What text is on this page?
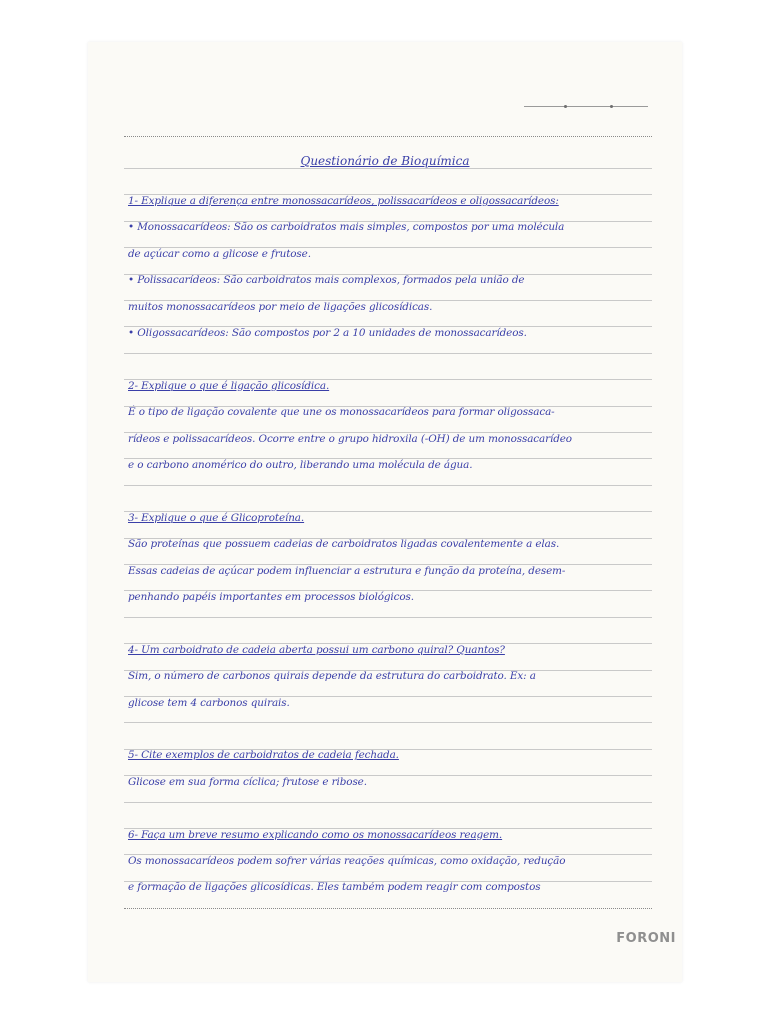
Questionário de Bioquímica
1- Explique a diferença entre monossacarídeos, polissacarídeos e oligossacarídeos:
• Monossacarídeos: São os carboidratos mais simples, compostos por uma molécula
de açúcar como a glicose e frutose.
• Polissacarídeos: São carboidratos mais complexos, formados pela união de
muitos monossacarídeos por meio de ligações glicosídicas.
• Oligossacarídeos: São compostos por 2 a 10 unidades de monossacarídeos.
2- Explique o que é ligação glicosídica.
É o tipo de ligação covalente que une os monossacarídeos para formar oligossaca-
rídeos e polissacarídeos. Ocorre entre o grupo hidroxila (-OH) de um monossacarídeo
e o carbono anomérico do outro, liberando uma molécula de água.
3- Explique o que é Glicoproteína.
São proteínas que possuem cadeias de carboidratos ligadas covalentemente a elas.
Essas cadeias de açúcar podem influenciar a estrutura e função da proteína, desem-
penhando papéis importantes em processos biológicos.
4- Um carboidrato de cadeia aberta possui um carbono quiral? Quantos?
Sim, o número de carbonos quirais depende da estrutura do carboidrato. Ex: a
glicose tem 4 carbonos quirais.
5- Cite exemplos de carboidratos de cadeia fechada.
Glicose em sua forma cíclica; frutose e ribose.
6- Faça um breve resumo explicando como os monossacarídeos reagem.
Os monossacarídeos podem sofrer várias reações químicas, como oxidação, redução
e formação de ligações glicosídicas. Eles também podem reagir com compostos
FORONI
